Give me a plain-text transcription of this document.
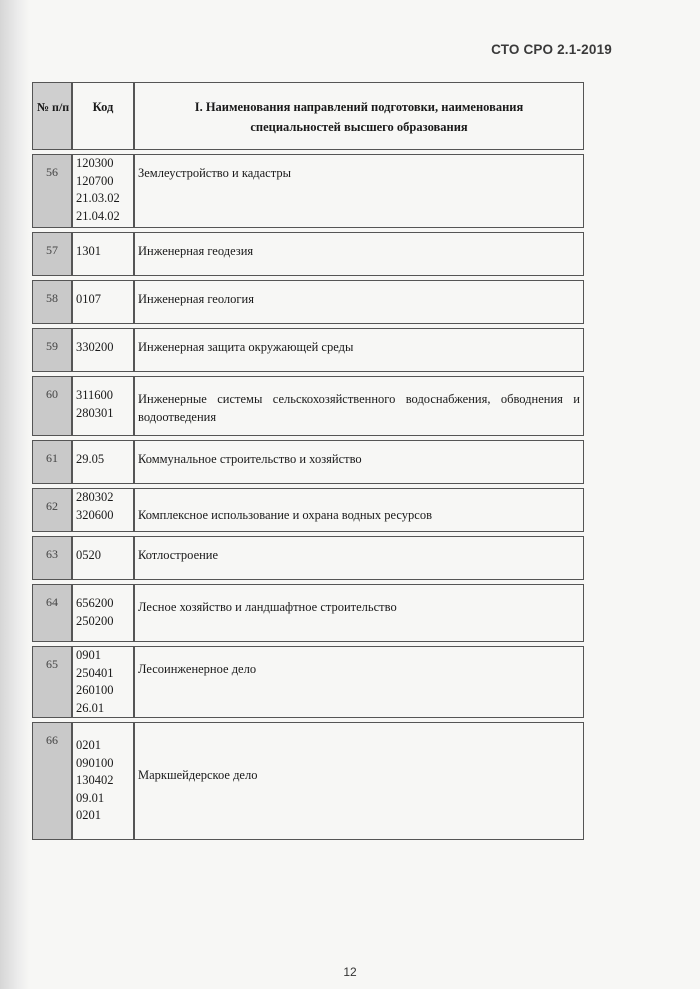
СТО СРО 2.1-2019
№ п/п	Код	I. Наименования направлений подготовки, наименования
специальностей высшего образования

56	120300
120700
21.03.02
21.04.02	Землеустройство и кадастры
57	1301	Инженерная геодезия
58	0107	Инженерная геология
59	330200	Инженерная защита окружающей среды
60	311600
280301	Инженерные системы сельскохозяйственного водоснабжения, обводнения и водоотведения
61	29.05	Коммунальное строительство и хозяйство
62	280302
320600	Комплексное использование и охрана водных ресурсов
63	0520	Котлостроение
64	656200
250200	Лесное хозяйство и ландшафтное строительство
65	0901
250401
260100
26.01	Лесоинженерное дело
66	0201
090100
130402
09.01
0201	Маркшейдерское дело
12
